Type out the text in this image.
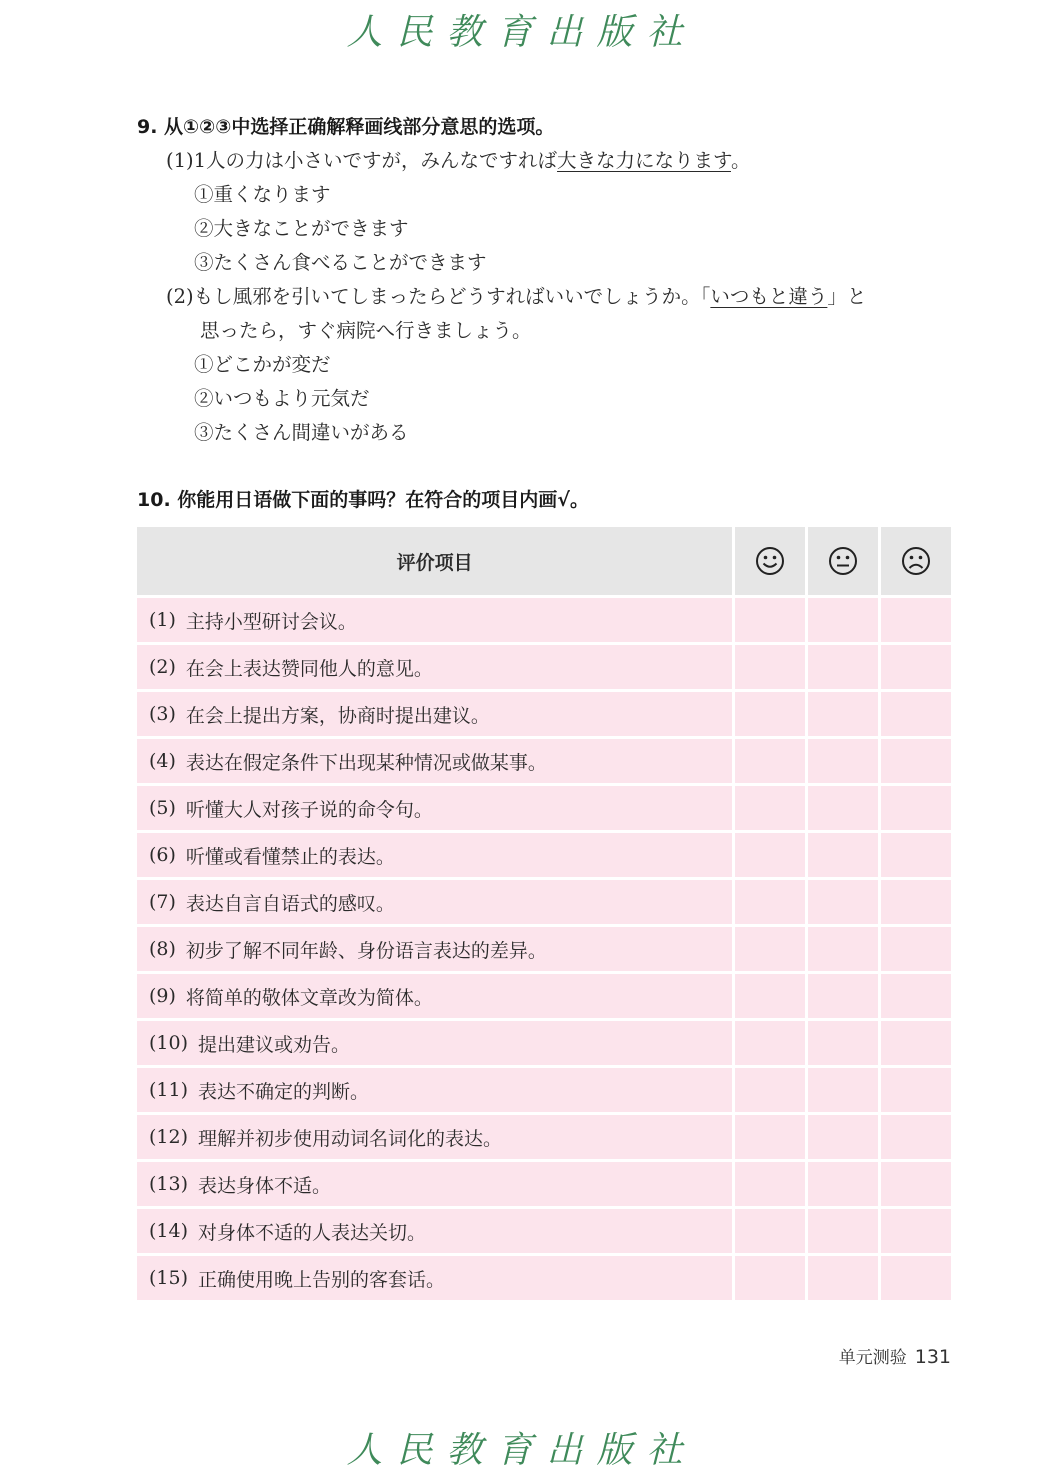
人民教育出版社
9. 从①②③中选择正确解释画线部分意思的选项。
(1)1人の力は小さいですが，みんなですれば大きな力になります。
①重くなります
②大きなことができます
③たくさん食べることができます
(2)もし風邪を引いてしまったらどうすればいいでしょうか。「いつもと違う」と
思ったら，すぐ病院へ行きましょう。
①どこかが変だ
②いつもより元気だ
③たくさん間違いがある
10. 你能用日语做下面的事吗？在符合的项目内画√。
评价项目
(1) 主持小型研讨会议。
(2) 在会上表达赞同他人的意见。
(3) 在会上提出方案，协商时提出建议。
(4) 表达在假定条件下出现某种情况或做某事。
(5) 听懂大人对孩子说的命令句。
(6) 听懂或看懂禁止的表达。
(7) 表达自言自语式的感叹。
(8) 初步了解不同年龄、身份语言表达的差异。
(9) 将简单的敬体文章改为简体。
(10) 提出建议或劝告。
(11) 表达不确定的判断。
(12) 理解并初步使用动词名词化的表达。
(13) 表达身体不适。
(14) 对身体不适的人表达关切。
(15) 正确使用晚上告别的客套话。
单元测验 131
人民教育出版社
